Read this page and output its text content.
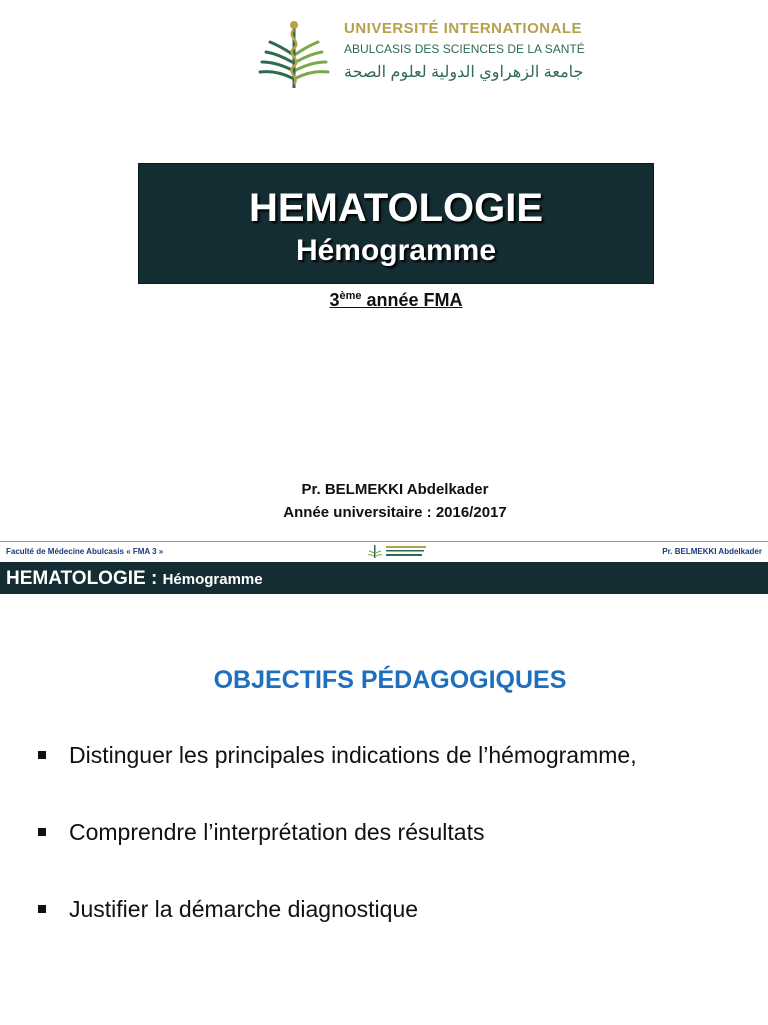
UNIVERSITÉ INTERNATIONALE
ABULCASIS DES SCIENCES DE LA SANTÉ
جامعة الزهراوي الدولية لعلوم الصحة
HEMATOLOGIE
Hémogramme
3ème année FMA
Pr. BELMEKKI Abdelkader
Année universitaire : 2016/2017
Faculté de Médecine Abulcasis « FMA 3 »	Pr. BELMEKKI Abdelkader
HEMATOLOGIE : Hémogramme
OBJECTIFS PÉDAGOGIQUES
Distinguer les principales indications de l’hémogramme,
Comprendre l’interprétation des résultats
Justifier la démarche diagnostique
